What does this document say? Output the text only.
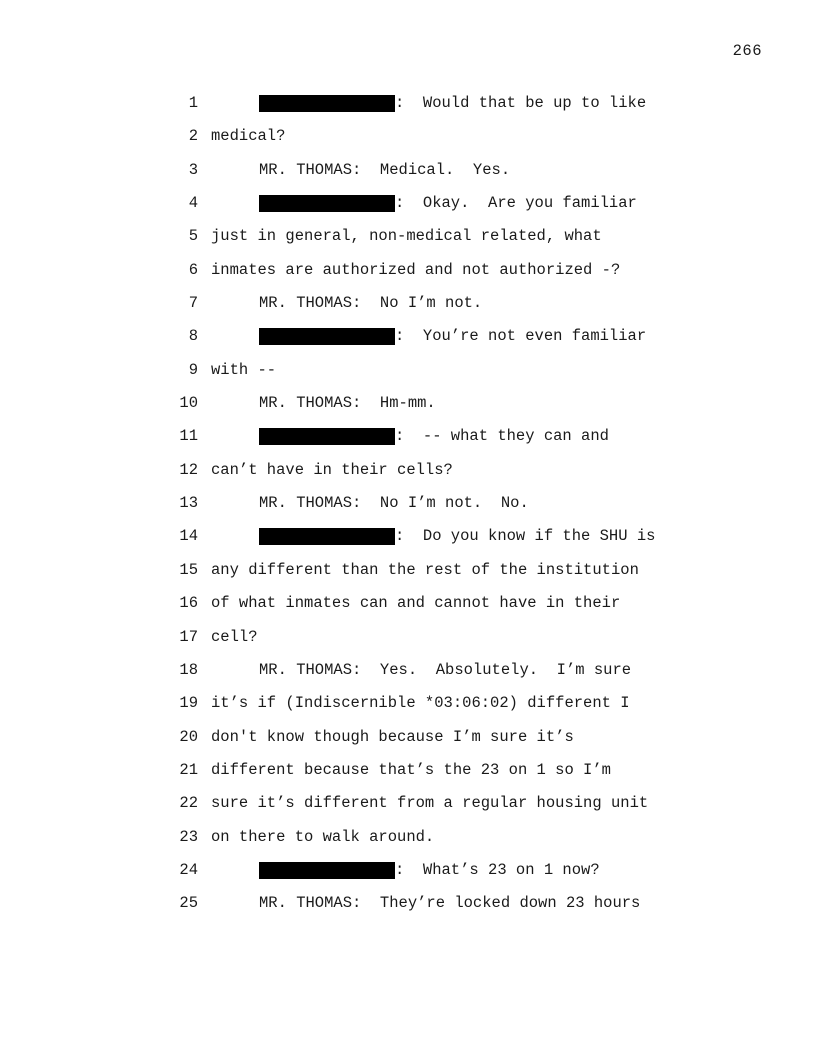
266
1	:  Would that be up to like
2 medical?
3	MR. THOMAS:  Medical.  Yes.
4	:  Okay.  Are you familiar
5 just in general, non-medical related, what
6 inmates are authorized and not authorized -?
7	MR. THOMAS:  No I’m not.
8	:  You’re not even familiar
9 with --
10	MR. THOMAS:  Hm-mm.
11	:  -- what they can and
12 can’t have in their cells?
13	MR. THOMAS:  No I’m not.  No.
14	:  Do you know if the SHU is
15 any different than the rest of the institution
16 of what inmates can and cannot have in their
17 cell?
18	MR. THOMAS:  Yes.  Absolutely.  I’m sure
19 it’s if (Indiscernible *03:06:02) different I
20 don't know though because I’m sure it’s
21 different because that’s the 23 on 1 so I’m
22 sure it’s different from a regular housing unit
23 on there to walk around.
24	:  What’s 23 on 1 now?
25	MR. THOMAS:  They’re locked down 23 hours
